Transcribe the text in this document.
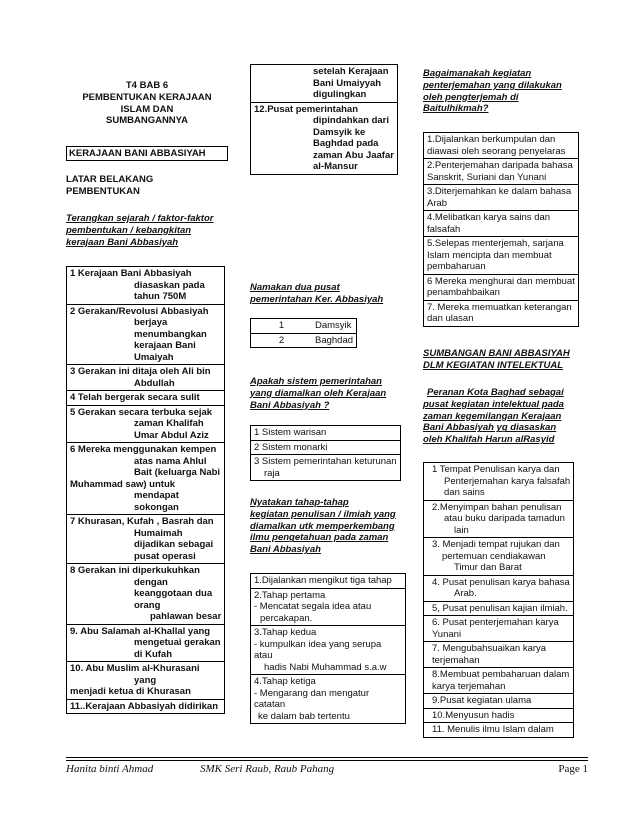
T4 BAB 6
PEMBENTUKAN KERAJAAN
ISLAM DAN
SUMBANGANNYA
KERAJAAN BANI ABBASIYAH
LATAR BELAKANG
PEMBENTUKAN
Terangkan sejarah / faktor-faktor
pembentukan / kebangkitan
kerajaan Bani Abbasiyah
1 Kerajaan Bani Abbasiyah
diasaskan pada
tahun 750M

2 Gerakan/Revolusi Abbasiyah
berjaya
menumbangkan
kerajaan Bani
Umaiyah

3 Gerakan ini ditaja oleh Ali bin
Abdullah

4 Telah bergerak secara sulit

5 Gerakan secara terbuka sejak
zaman Khalifah
Umar Abdul Aziz

6 Mereka menggunakan kempen
atas nama Ahlul
Bait (keluarga Nabi
Muhammad saw) untuk
mendapat
sokongan

7 Khurasan, Kufah , Basrah dan
Humaimah
dijadikan sebagai
pusat operasi

8 Gerakan ini diperkukuhkan
dengan
keanggotaan dua
orang
pahlawan besar

9. Abu Salamah al-Khallal yang
mengetuai gerakan
di Kufah

10. Abu Muslim al-Khurasani
yang
menjadi ketua di Khurasan

11..Kerajaan Abbasiyah didirikan
setelah Kerajaan
Bani Umaiyyah
digulingkan

12.Pusat pemerintahan
dipindahkan dari
Damsyik ke
Baghdad pada
zaman Abu Jaafar
al-Mansur
Namakan dua pusat
pemerintahan Ker. Abbasiyah
1	Damsyik
2	Baghdad
Apakah sistem pemerintahan
yang diamalkan oleh Kerajaan
Bani Abbasiyah ?
1 Sistem warisan
2 Sistem monarki

3 Sistem pemerintahan keturunan
raja
Nyatakan tahap-tahap
kegiatan penulisan / ilmiah yang
diamalkan utk memperkembang
ilmu pengetahuan pada zaman
Bani Abbasiyah
1.Dijalankan mengikut tiga tahap

2.Tahap pertama
- Mencatat segala idea atau
percakapan.

3.Tahap kedua
- kumpulkan idea yang serupa atau
hadis Nabi Muhammad s.a.w

4.Tahap ketiga
- Mengarang dan mengatur catatan
ke dalam bab tertentu
Bagaimanakah kegiatan
penterjemahan yang dilakukan
oleh pengterjemah di
Baitulhikmah?
1.Dijalankan berkumpulan dan
diawasi oleh seorang penyelaras

2.Penterjemahan daripada bahasa
Sanskrit, Suriani dan Yunani

3.Diterjemahkan ke dalam bahasa
Arab

4.Melibatkan karya sains dan
falsafah

5.Selepas menterjemah, sarjana
Islam mencipta dan membuat
pembaharuan

6 Mereka menghurai dan membuat
penambahbaikan

7. Mereka memuatkan keterangan
dan ulasan
SUMBANGAN BANI ABBASIYAH
DLM KEGIATAN INTELEKTUAL
Peranan Kota Baghad sebagai
pusat kegiatan intelektual pada
zaman kegemilangan Kerajaan
Bani Abbasiyah yg diasaskan
oleh Khalifah Harun alRasyid
1 Tempat Penulisan karya dan
Penterjemahan karya falsafah
dan sains

2.Menyimpan bahan penulisan
atau buku daripada tamadun
lain

3. Menjadi tempat rujukan dan
pertemuan cendiakawan
Timur dan Barat

4. Pusat penulisan karya bahasa
Arab.

5, Pusat penulisan kajian ilmiah.

6. Pusat penterjemahan karya
Yunani

7. Mengubahsuaikan karya
terjemahan

8.Membuat pembaharuan dalam
karya terjemahan

9.Pusat kegiatan ulama

10.Menyusun hadis

11. Menulis ilmu Islam dalam
Hanita binti Ahmad	SMK Seri Raub, Raub Pahang	Page 1
